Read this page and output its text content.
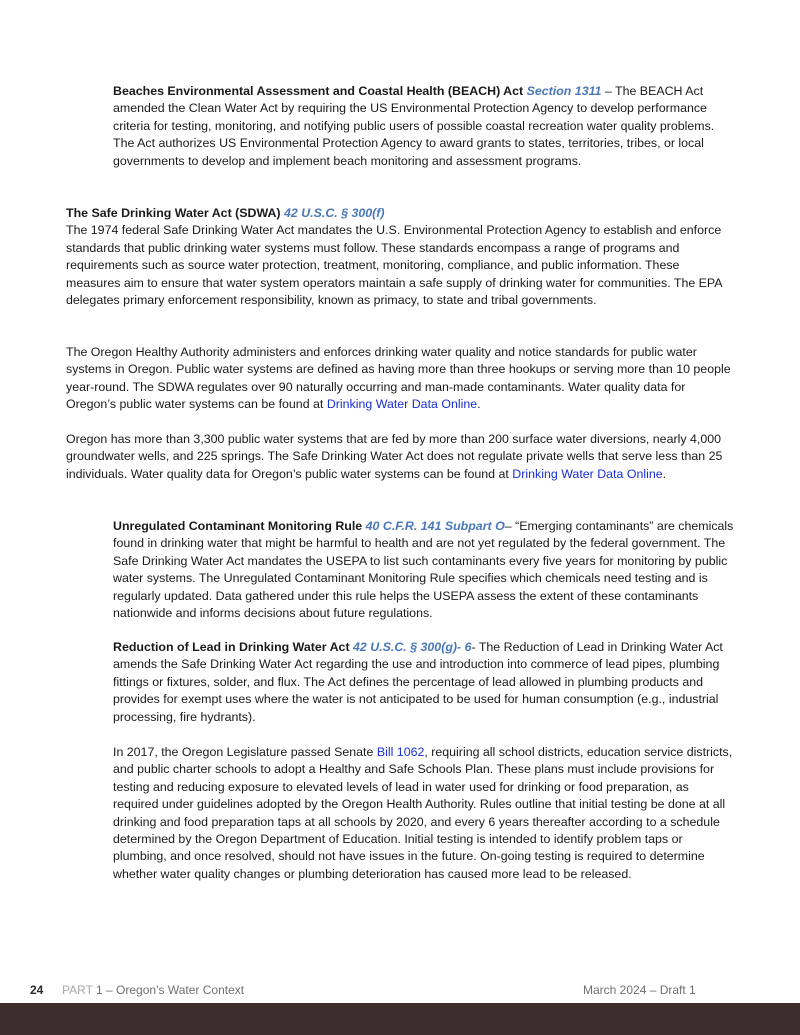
Beaches Environmental Assessment and Coastal Health (BEACH) Act Section 1311 – The BEACH Act amended the Clean Water Act by requiring the US Environmental Protection Agency to develop performance criteria for testing, monitoring, and notifying public users of possible coastal recreation water quality problems. The Act authorizes US Environmental Protection Agency to award grants to states, territories, tribes, or local governments to develop and implement beach monitoring and assessment programs.

The Safe Drinking Water Act (SDWA) 42 U.S.C. § 300(f)
The 1974 federal Safe Drinking Water Act mandates the U.S. Environmental Protection Agency to establish and enforce standards that public drinking water systems must follow. These standards encompass a range of programs and requirements such as source water protection, treatment, monitoring, compliance, and public information. These measures aim to ensure that water system operators maintain a safe supply of drinking water for communities. The EPA delegates primary enforcement responsibility, known as primacy, to state and tribal governments.

The Oregon Healthy Authority administers and enforces drinking water quality and notice standards for public water systems in Oregon. Public water systems are defined as having more than three hookups or serving more than 10 people year-round. The SDWA regulates over 90 naturally occurring and man-made contaminants. Water quality data for Oregon’s public water systems can be found at Drinking Water Data Online.

Oregon has more than 3,300 public water systems that are fed by more than 200 surface water diversions, nearly 4,000 groundwater wells, and 225 springs. The Safe Drinking Water Act does not regulate private wells that serve less than 25 individuals. Water quality data for Oregon’s public water systems can be found at Drinking Water Data Online.

Unregulated Contaminant Monitoring Rule 40 C.F.R. 141 Subpart O– “Emerging contaminants” are chemicals found in drinking water that might be harmful to health and are not yet regulated by the federal government. The Safe Drinking Water Act mandates the USEPA to list such contaminants every five years for monitoring by public water systems. The Unregulated Contaminant Monitoring Rule specifies which chemicals need testing and is regularly updated. Data gathered under this rule helps the USEPA assess the extent of these contaminants nationwide and informs decisions about future regulations.

Reduction of Lead in Drinking Water Act 42 U.S.C. § 300(g)- 6- The Reduction of Lead in Drinking Water Act amends the Safe Drinking Water Act regarding the use and introduction into commerce of lead pipes, plumbing fittings or fixtures, solder, and flux. The Act defines the percentage of lead allowed in plumbing products and provides for exempt uses where the water is not anticipated to be used for human consumption (e.g., industrial processing, fire hydrants).

In 2017, the Oregon Legislature passed Senate Bill 1062, requiring all school districts, education service districts, and public charter schools to adopt a Healthy and Safe Schools Plan. These plans must include provisions for testing and reducing exposure to elevated levels of lead in water used for drinking or food preparation, as required under guidelines adopted by the Oregon Health Authority. Rules outline that initial testing be done at all drinking and food preparation taps at all schools by 2020, and every 6 years thereafter according to a schedule determined by the Oregon Department of Education. Initial testing is intended to identify problem taps or plumbing, and once resolved, should not have issues in the future. On-going testing is required to determine whether water quality changes or plumbing deterioration has caused more lead to be released.

24 PART 1 – Oregon’s Water Context	March 2024 – Draft 1
